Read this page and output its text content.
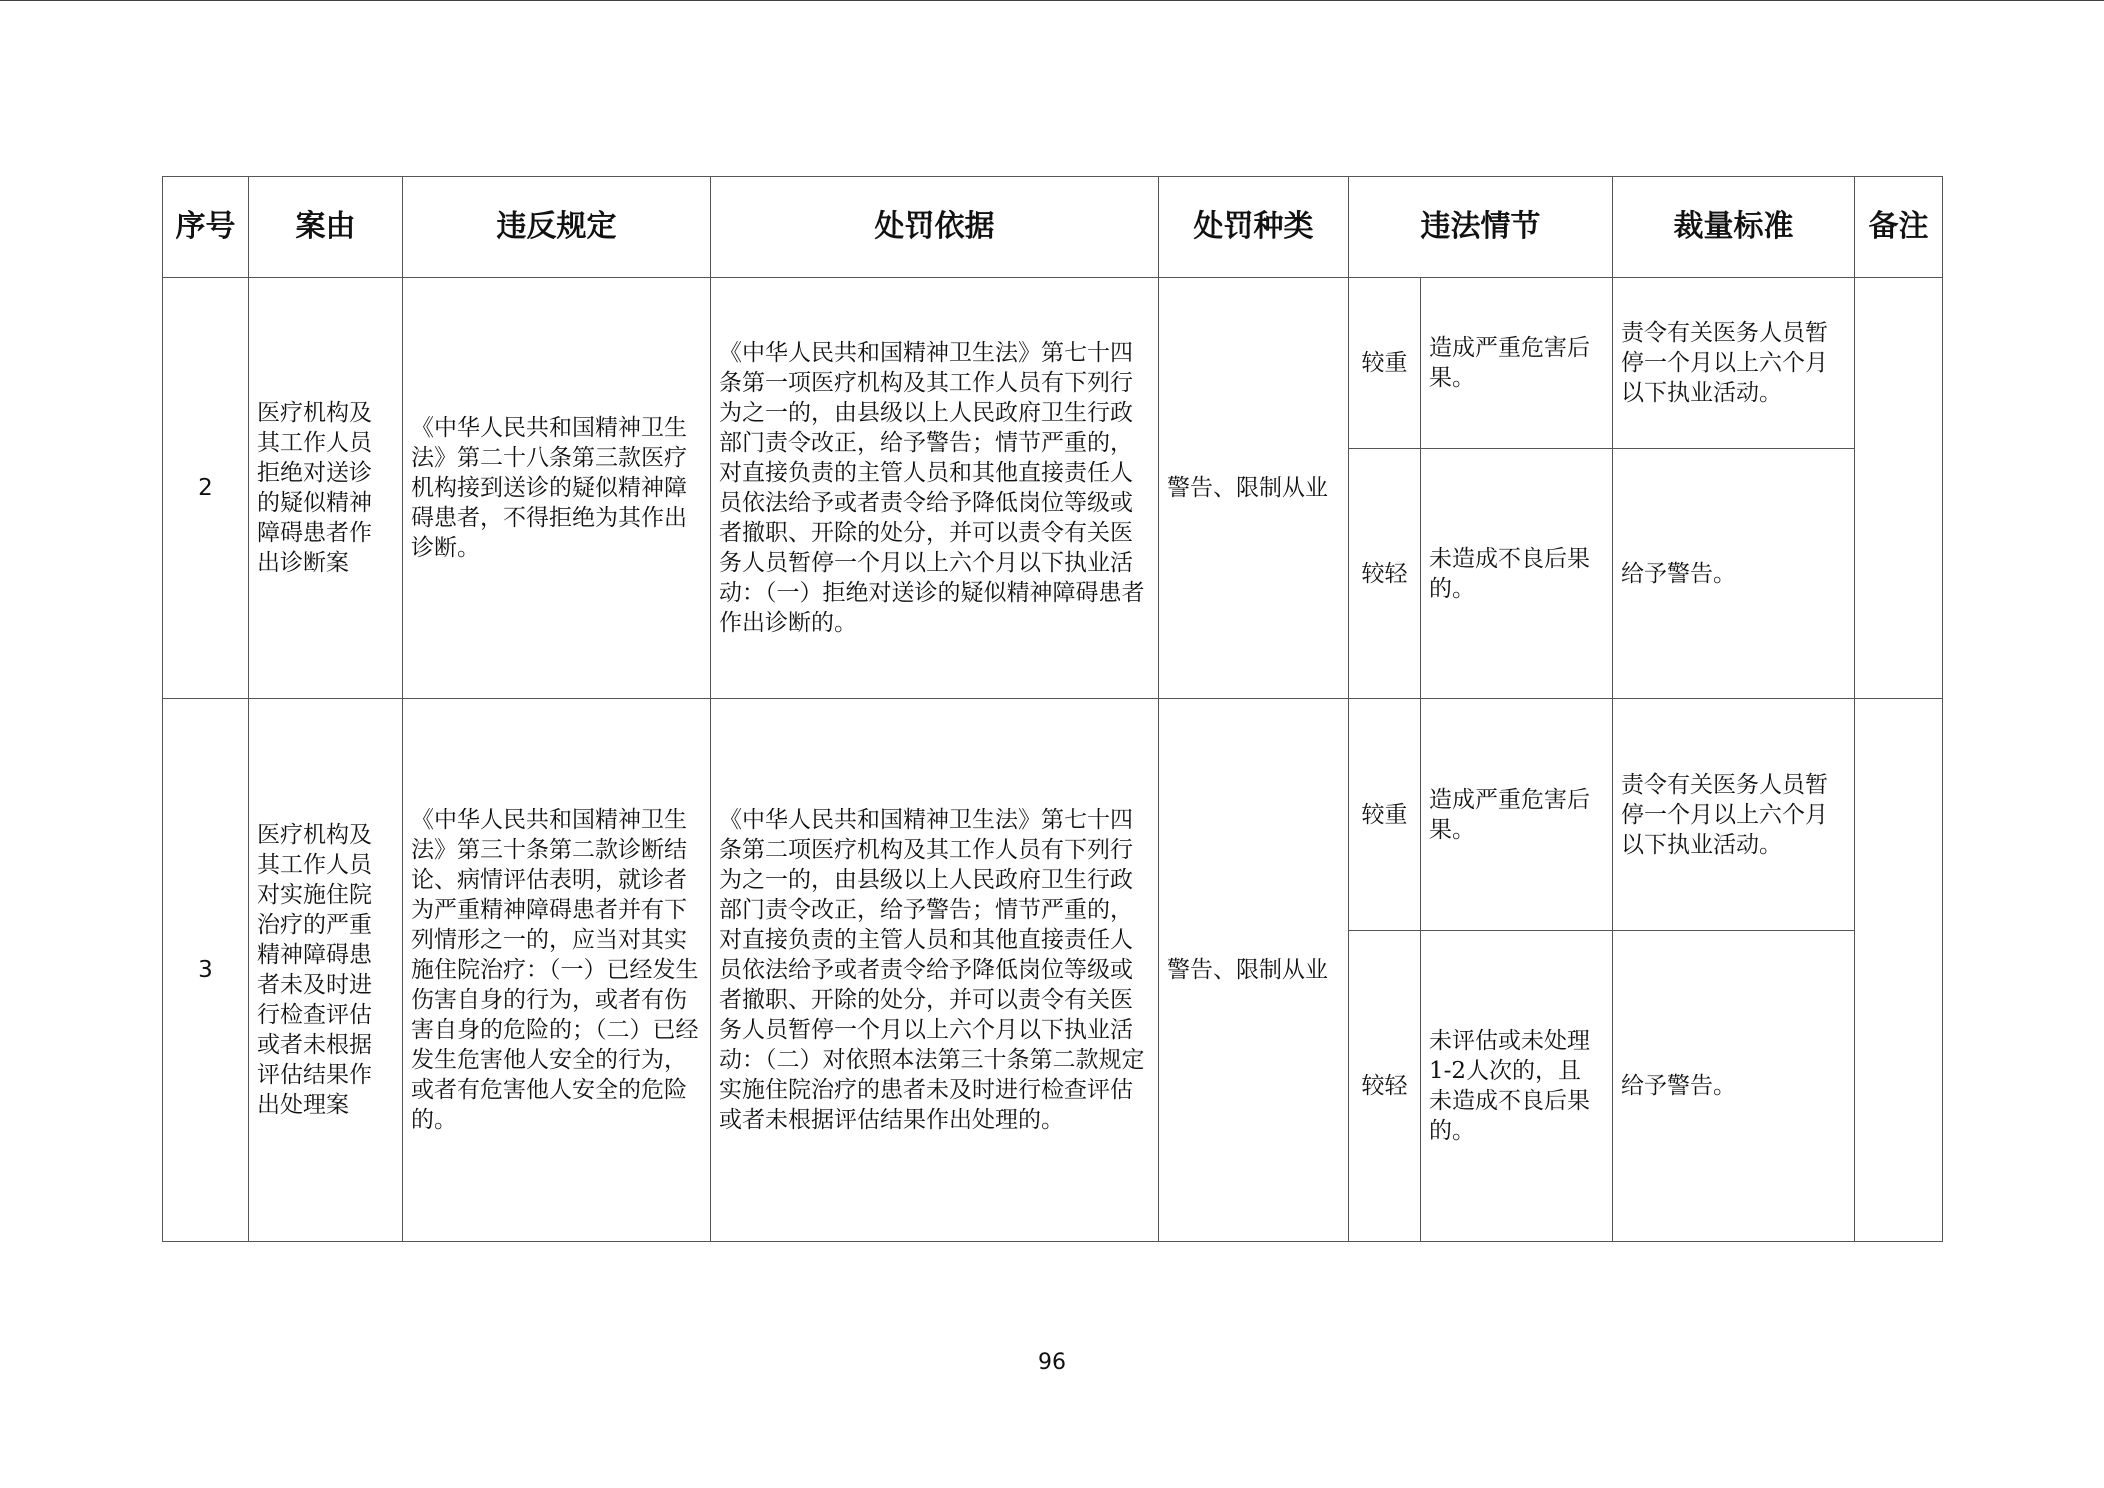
序号	案由	违反规定	处罚依据	处罚种类	违法情节		裁量标准	备注
2	医疗机构及其工作人员拒绝对送诊的疑似精神障碍患者作出诊断案	《中华人民共和国精神卫生法》第二十八条第三款医疗机构接到送诊的疑似精神障碍患者，不得拒绝为其作出诊断。	《中华人民共和国精神卫生法》第七十四条第一项医疗机构及其工作人员有下列行为之一的，由县级以上人民政府卫生行政部门责令改正，给予警告；情节严重的，对直接负责的主管人员和其他直接责任人员依法给予或者责令给予降低岗位等级或者撤职、开除的处分，并可以责令有关医务人员暂停一个月以上六个月以下执业活动：（一）拒绝对送诊的疑似精神障碍患者作出诊断的。	警告、限制从业	较重	造成严重危害后果。	责令有关医务人员暂停一个月以上六个月以下执业活动。	
					较轻	未造成不良后果的。	给予警告。	
3	医疗机构及其工作人员对实施住院治疗的严重精神障碍患者未及时进行检查评估或者未根据评估结果作出处理案	《中华人民共和国精神卫生法》第三十条第二款诊断结论、病情评估表明，就诊者为严重精神障碍患者并有下列情形之一的，应当对其实施住院治疗：（一）已经发生伤害自身的行为，或者有伤害自身的危险的；（二）已经发生危害他人安全的行为，或者有危害他人安全的危险的。	《中华人民共和国精神卫生法》第七十四条第二项医疗机构及其工作人员有下列行为之一的，由县级以上人民政府卫生行政部门责令改正，给予警告；情节严重的，对直接负责的主管人员和其他直接责任人员依法给予或者责令给予降低岗位等级或者撤职、开除的处分，并可以责令有关医务人员暂停一个月以上六个月以下执业活动：（二）对依照本法第三十条第二款规定实施住院治疗的患者未及时进行检查评估或者未根据评估结果作出处理的。	警告、限制从业	较重	造成严重危害后果。	责令有关医务人员暂停一个月以上六个月以下执业活动。	
					较轻	未评估或未处理1-2人次的，且未造成不良后果的。	给予警告。	
96
